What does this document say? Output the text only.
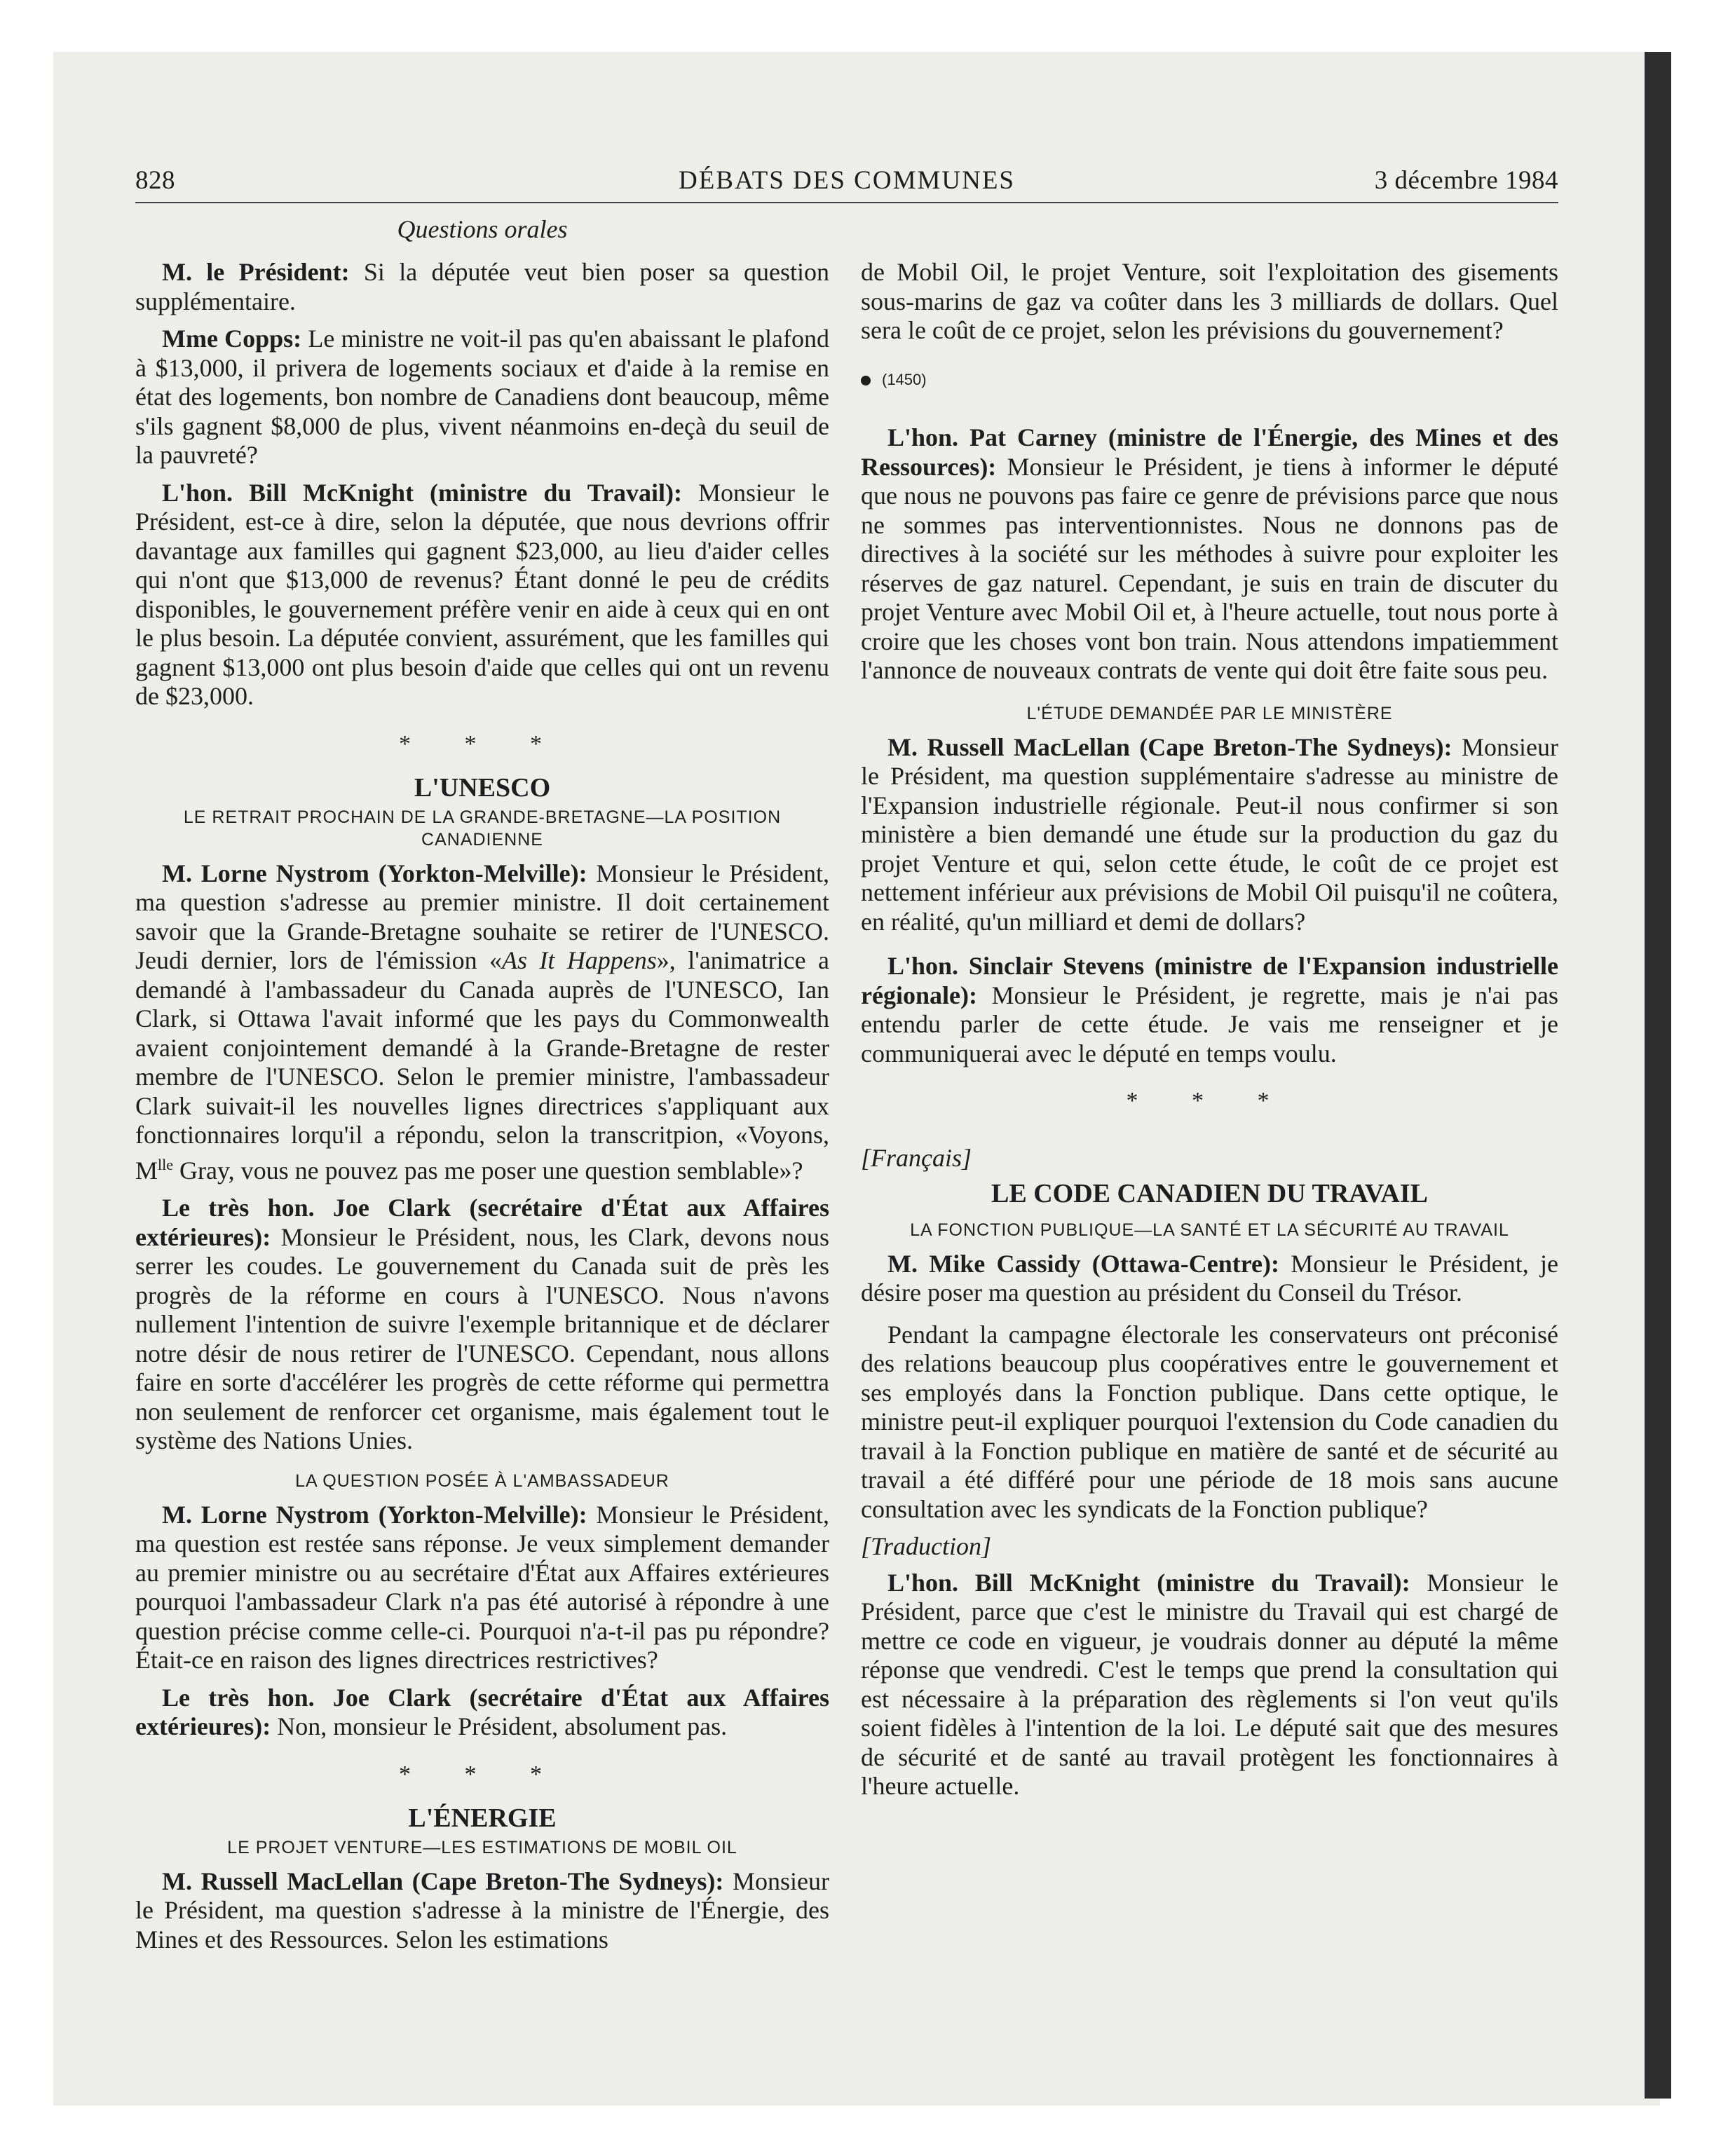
828	DÉBATS DES COMMUNES	3 décembre 1984
Questions orales

M. le Président: Si la députée veut bien poser sa question supplémentaire.

Mme Copps: Le ministre ne voit-il pas qu'en abaissant le plafond à $13,000, il privera de logements sociaux et d'aide à la remise en état des logements, bon nombre de Canadiens dont beaucoup, même s'ils gagnent $8,000 de plus, vivent néanmoins en-deçà du seuil de la pauvreté?

L'hon. Bill McKnight (ministre du Travail): Monsieur le Président, est-ce à dire, selon la députée, que nous devrions offrir davantage aux familles qui gagnent $23,000, au lieu d'aider celles qui n'ont que $13,000 de revenus? Étant donné le peu de crédits disponibles, le gouvernement préfère venir en aide à ceux qui en ont le plus besoin. La députée convient, assurément, que les familles qui gagnent $13,000 ont plus besoin d'aide que celles qui ont un revenu de $23,000.

* * *
L'UNESCO
LE RETRAIT PROCHAIN DE LA GRANDE-BRETAGNE—LA POSITION CANADIENNE

M. Lorne Nystrom (Yorkton-Melville): Monsieur le Président, ma question s'adresse au premier ministre. Il doit certainement savoir que la Grande-Bretagne souhaite se retirer de l'UNESCO. Jeudi dernier, lors de l'émission «As It Happens», l'animatrice a demandé à l'ambassadeur du Canada auprès de l'UNESCO, Ian Clark, si Ottawa l'avait informé que les pays du Commonwealth avaient conjointement demandé à la Grande-Bretagne de rester membre de l'UNESCO. Selon le premier ministre, l'ambassadeur Clark suivait-il les nouvelles lignes directrices s'appliquant aux fonctionnaires lorqu'il a répondu, selon la transcritpion, «Voyons, $M^{lle}$ Gray, vous ne pouvez pas me poser une question semblable»?

Le très hon. Joe Clark (secrétaire d'État aux Affaires extérieures): Monsieur le Président, nous, les Clark, devons nous serrer les coudes. Le gouvernement du Canada suit de près les progrès de la réforme en cours à l'UNESCO. Nous n'avons nullement l'intention de suivre l'exemple britannique et de déclarer notre désir de nous retirer de l'UNESCO. Cependant, nous allons faire en sorte d'accélérer les progrès de cette réforme qui permettra non seulement de renforcer cet organisme, mais également tout le système des Nations Unies.

LA QUESTION POSÉE À L'AMBASSADEUR

M. Lorne Nystrom (Yorkton-Melville): Monsieur le Président, ma question est restée sans réponse. Je veux simplement demander au premier ministre ou au secrétaire d'État aux Affaires extérieures pourquoi l'ambassadeur Clark n'a pas été autorisé à répondre à une question précise comme celle-ci. Pourquoi n'a-t-il pas pu répondre? Était-ce en raison des lignes directrices restrictives?

Le très hon. Joe Clark (secrétaire d'État aux Affaires extérieures): Non, monsieur le Président, absolument pas.

* * *
L'ÉNERGIE
LE PROJET VENTURE—LES ESTIMATIONS DE MOBIL OIL

M. Russell MacLellan (Cape Breton-The Sydneys): Monsieur le Président, ma question s'adresse à la ministre de l'Énergie, des Mines et des Ressources. Selon les estimations

de Mobil Oil, le projet Venture, soit l'exploitation des gisements sous-marins de gaz va coûter dans les 3 milliards de dollars. Quel sera le coût de ce projet, selon les prévisions du gouvernement?

(1450)

L'hon. Pat Carney (ministre de l'Énergie, des Mines et des Ressources): Monsieur le Président, je tiens à informer le député que nous ne pouvons pas faire ce genre de prévisions parce que nous ne sommes pas interventionnistes. Nous ne donnons pas de directives à la société sur les méthodes à suivre pour exploiter les réserves de gaz naturel. Cependant, je suis en train de discuter du projet Venture avec Mobil Oil et, à l'heure actuelle, tout nous porte à croire que les choses vont bon train. Nous attendons impatiemment l'annonce de nouveaux contrats de vente qui doit être faite sous peu.

L'ÉTUDE DEMANDÉE PAR LE MINISTÈRE

M. Russell MacLellan (Cape Breton-The Sydneys): Monsieur le Président, ma question supplémentaire s'adresse au ministre de l'Expansion industrielle régionale. Peut-il nous confirmer si son ministère a bien demandé une étude sur la production du gaz du projet Venture et qui, selon cette étude, le coût de ce projet est nettement inférieur aux prévisions de Mobil Oil puisqu'il ne coûtera, en réalité, qu'un milliard et demi de dollars?

L'hon. Sinclair Stevens (ministre de l'Expansion industrielle régionale): Monsieur le Président, je regrette, mais je n'ai pas entendu parler de cette étude. Je vais me renseigner et je communiquerai avec le député en temps voulu.

* * *
[Français]
LE CODE CANADIEN DU TRAVAIL
LA FONCTION PUBLIQUE—LA SANTÉ ET LA SÉCURITÉ AU TRAVAIL

M. Mike Cassidy (Ottawa-Centre): Monsieur le Président, je désire poser ma question au président du Conseil du Trésor.

Pendant la campagne électorale les conservateurs ont préconisé des relations beaucoup plus coopératives entre le gouvernement et ses employés dans la Fonction publique. Dans cette optique, le ministre peut-il expliquer pourquoi l'extension du Code canadien du travail à la Fonction publique en matière de santé et de sécurité au travail a été différé pour une période de 18 mois sans aucune consultation avec les syndicats de la Fonction publique?

[Traduction]

L'hon. Bill McKnight (ministre du Travail): Monsieur le Président, parce que c'est le ministre du Travail qui est chargé de mettre ce code en vigueur, je voudrais donner au député la même réponse que vendredi. C'est le temps que prend la consultation qui est nécessaire à la préparation des règlements si l'on veut qu'ils soient fidèles à l'intention de la loi. Le député sait que des mesures de sécurité et de santé au travail protègent les fonctionnaires à l'heure actuelle.
